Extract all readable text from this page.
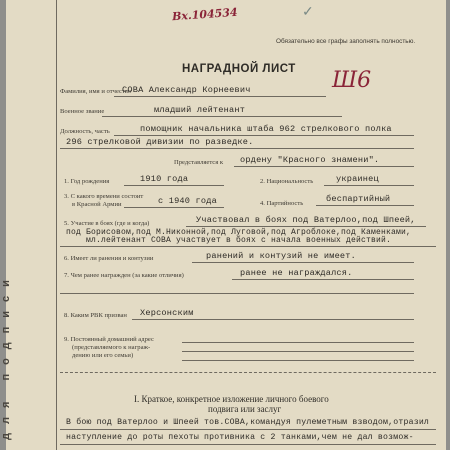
для подписи
Вх.104534	✓
Обязательно все графы заполнять полностью.
НАГРАДНОЙ ЛИСТ Ш6
Фамилия, имя и отчество
СОВА Александр Корнеевич
Военное звание	младший лейтенант
Должность, часть	помощник начальника штаба 962 стрелкового полка
296 стрелковой дивизии по разведке.
Представляется к ордену "Красного знамени".
1. Год рождения	1910 года	2. Национальность	украинец
3. С какого времени состоит
в Красной Армии	с 1940 года	4. Партийность	беспартийный
5. Участие в боях (где и когда)	Участвовал в боях под Ватерлоо,под Шпеей,
под Борисовом,под М.Никонной,под Луговой,под Агроблоке,под Каменками,
мл.лейтенант СОВА участвует в боях с начала военных действий.
6. Имеет ли ранения и контузии	ранений и контузий не имеет.
7. Чем ранее награжден (за какие отличия)	ранее не награждался.
8. Каким РВК призван Херсонским
9. Постоянный домашний адрес
(представляемого к награж-
дению или его семьи)
I. Краткое, конкретное изложение личного боевого
подвига или заслуг
В бою под Ватерлоо и Шпеей тов.СОВА,командуя пулеметным взводом,отразил
наступление до роты пехоты противника с 2 танками,чем не дал возмож-
